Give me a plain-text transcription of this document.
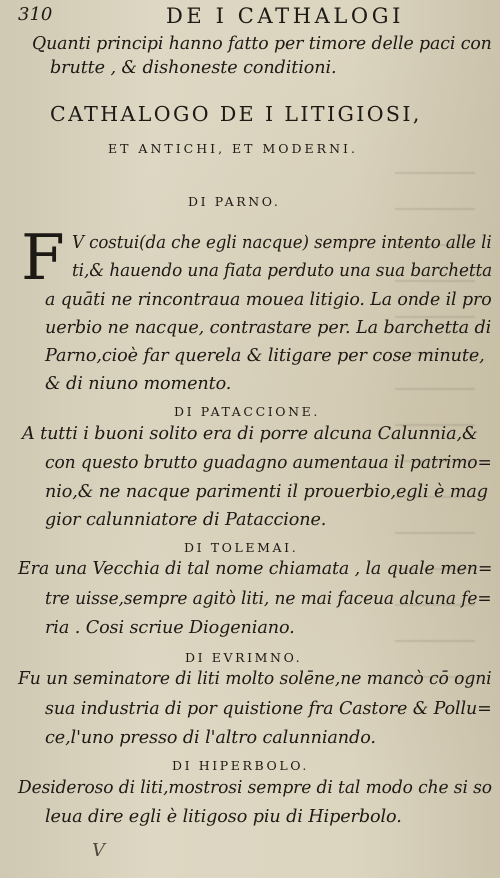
310	DE I CATHALOGI
Quanti principi hanno fatto per timore delle paci con
brutte , & dishoneste conditioni.
CATHALOGO DE I LITIGIOSI,
ET ANTICHI, ET MODERNI.
DI PARNO.
F V costui(da che egli nacque) sempre intento alle li
ti,& hauendo una fiata perduto una sua barchetta
a quāti ne rincontraua mouea litigio. La onde il pro
uerbio ne nacque, contrastare per. La barchetta di
Parno,cioè far querela & litigare per cose minute,
& di niuno momento.
DI PATACCIONE.
A tutti i buoni solito era di porre alcuna Calunnia,&
con questo brutto guadagno aumentaua il patrimo=
nio,& ne nacque parimenti il prouerbio,egli è mag
gior calunniatore di Pataccione.
DI TOLEMAI.
Era una Vecchia di tal nome chiamata , la quale men=
tre uisse,sempre agitò liti, ne mai faceua alcuna fe=
ria . Cosi scriue Diogeniano.
DI EVRIMNO.
Fu un seminatore di liti molto solēne,ne mancò cō ogni
sua industria di por quistione fra Castore & Pollu=
ce,l'uno presso di l'altro calunniando.
DI HIPERBOLO.
Desideroso di liti,mostrosi sempre di tal modo che si so
leua dire egli è litigoso piu di Hiperbolo.
V
